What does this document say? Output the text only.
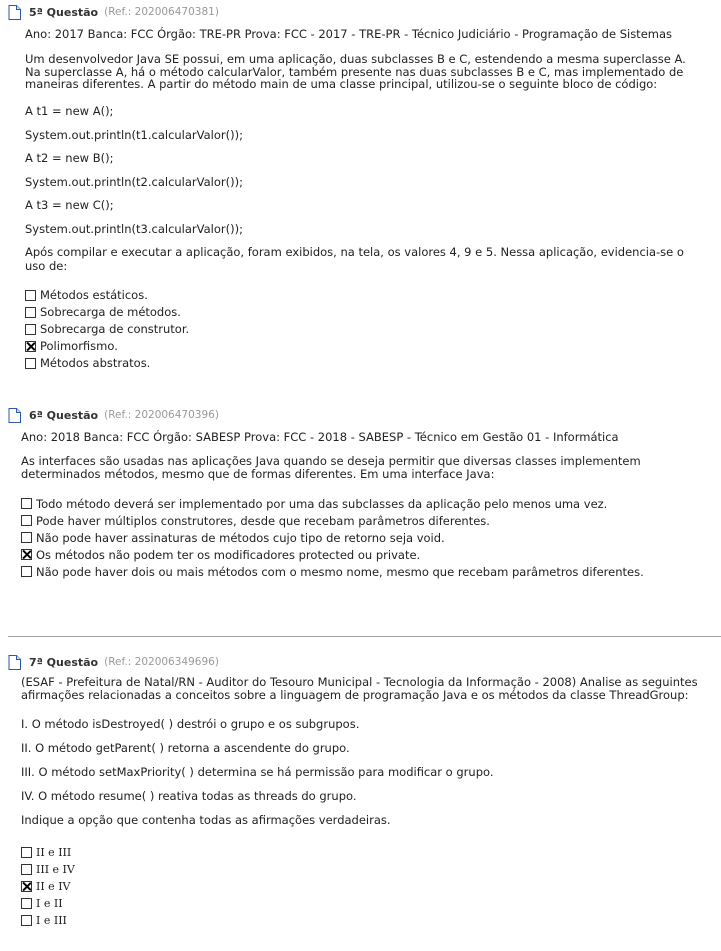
5ª Questão (Ref.: 202006470381)
Ano: 2017 Banca: FCC Órgão: TRE-PR Prova: FCC - 2017 - TRE-PR - Técnico Judiciário - Programação de Sistemas
Um desenvolvedor Java SE possui, em uma aplicação, duas subclasses B e C, estendendo a mesma superclasse A. Na superclasse A, há o método calcularValor, também presente nas duas subclasses B e C, mas implementado de maneiras diferentes. A partir do método main de uma classe principal, utilizou-se o seguinte bloco de código:
A t1 = new A();
System.out.println(t1.calcularValor());
A t2 = new B();
System.out.println(t2.calcularValor());
A t3 = new C();
System.out.println(t3.calcularValor());
Após compilar e executar a aplicação, foram exibidos, na tela, os valores 4, 9 e 5. Nessa aplicação, evidencia-se o uso de:
Métodos estáticos.
Sobrecarga de métodos.
Sobrecarga de construtor.
Polimorfismo.
Métodos abstratos.
6ª Questão (Ref.: 202006470396)
Ano: 2018 Banca: FCC Órgão: SABESP Prova: FCC - 2018 - SABESP - Técnico em Gestão 01 - Informática
As interfaces são usadas nas aplicações Java quando se deseja permitir que diversas classes implementem determinados métodos, mesmo que de formas diferentes. Em uma interface Java:
Todo método deverá ser implementado por uma das subclasses da aplicação pelo menos uma vez.
Pode haver múltiplos construtores, desde que recebam parâmetros diferentes.
Não pode haver assinaturas de métodos cujo tipo de retorno seja void.
Os métodos não podem ter os modificadores protected ou private.
Não pode haver dois ou mais métodos com o mesmo nome, mesmo que recebam parâmetros diferentes.
7ª Questão (Ref.: 202006349696)
(ESAF - Prefeitura de Natal/RN - Auditor do Tesouro Municipal - Tecnologia da Informação - 2008) Analise as seguintes afirmações relacionadas a conceitos sobre a linguagem de programação Java e os métodos da classe ThreadGroup:
I. O método isDestroyed( ) destrói o grupo e os subgrupos.
II. O método getParent( ) retorna a ascendente do grupo.
III. O método setMaxPriority( ) determina se há permissão para modificar o grupo.
IV. O método resume( ) reativa todas as threads do grupo.
Indique a opção que contenha todas as afirmações verdadeiras.
II e III
III e IV
II e IV
I e II
I e III
